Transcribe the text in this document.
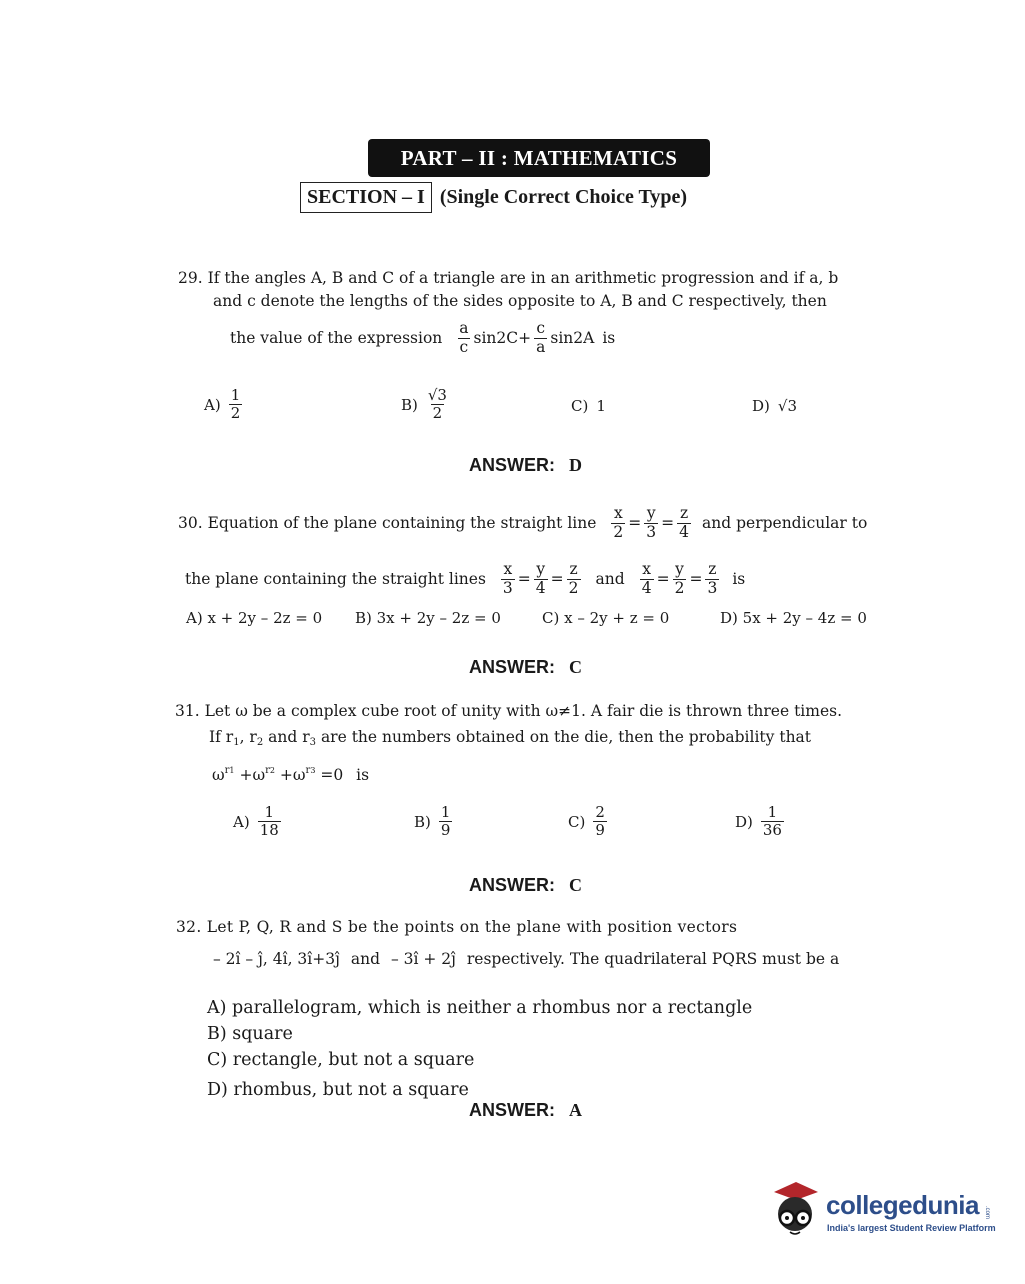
PART – II : MATHEMATICS
SECTION – I (Single Correct Choice Type)
29. If the angles A, B and C of a triangle are in an arithmetic progression and if a, b
and c denote the lengths of the sides opposite to A, B and C respectively, then
the value of the expression $\frac{a}{c} \sin 2C+ \frac{c}{a} \sin 2A$ is
$A) \frac{1}{2}$	$B) \frac{√3}{2}$	C) 1	D) √3
ANSWER: D
30. Equation of the plane containing the straight line $\frac{x}{2} = \frac{y}{3} = \frac{z}{4}$ and perpendicular to
the plane containing the straight lines $\frac{x}{3} = \frac{y}{4} = \frac{z}{2}$ and $\frac{x}{4} = \frac{y}{2} = \frac{z}{3}$ is
A) x + 2y – 2z = 0 B) 3x + 2y – 2z = 0	C) x – 2y + z = 0	D) 5x + 2y – 4z = 0
ANSWER: C
31. Let ω be a complex cube root of unity with ω≠1. A fair die is thrown three times.
If $r_1$, $r_2$ and $r_3$ are the numbers obtained on the die, then the probability that
$\omega^{r1} +\omega^{r2} +\omega^{r3} =0$ is
$A) \frac{1}{18}$	$B) \frac{1}{9}$	$C) \frac{2}{9}$	$D) \frac{1}{36}$
ANSWER: C
32. Let P, Q, R and S be the points on the plane with position vectors
– 2î – ĵ, 4î, 3î+3ĵ and – 3î + 2ĵ respectively. The quadrilateral PQRS must be a
A) parallelogram, which is neither a rhombus nor a rectangle
B) square
C) rectangle, but not a square
D) rhombus, but not a square
ANSWER: A
collegedunia .com
India's largest Student Review Platform
